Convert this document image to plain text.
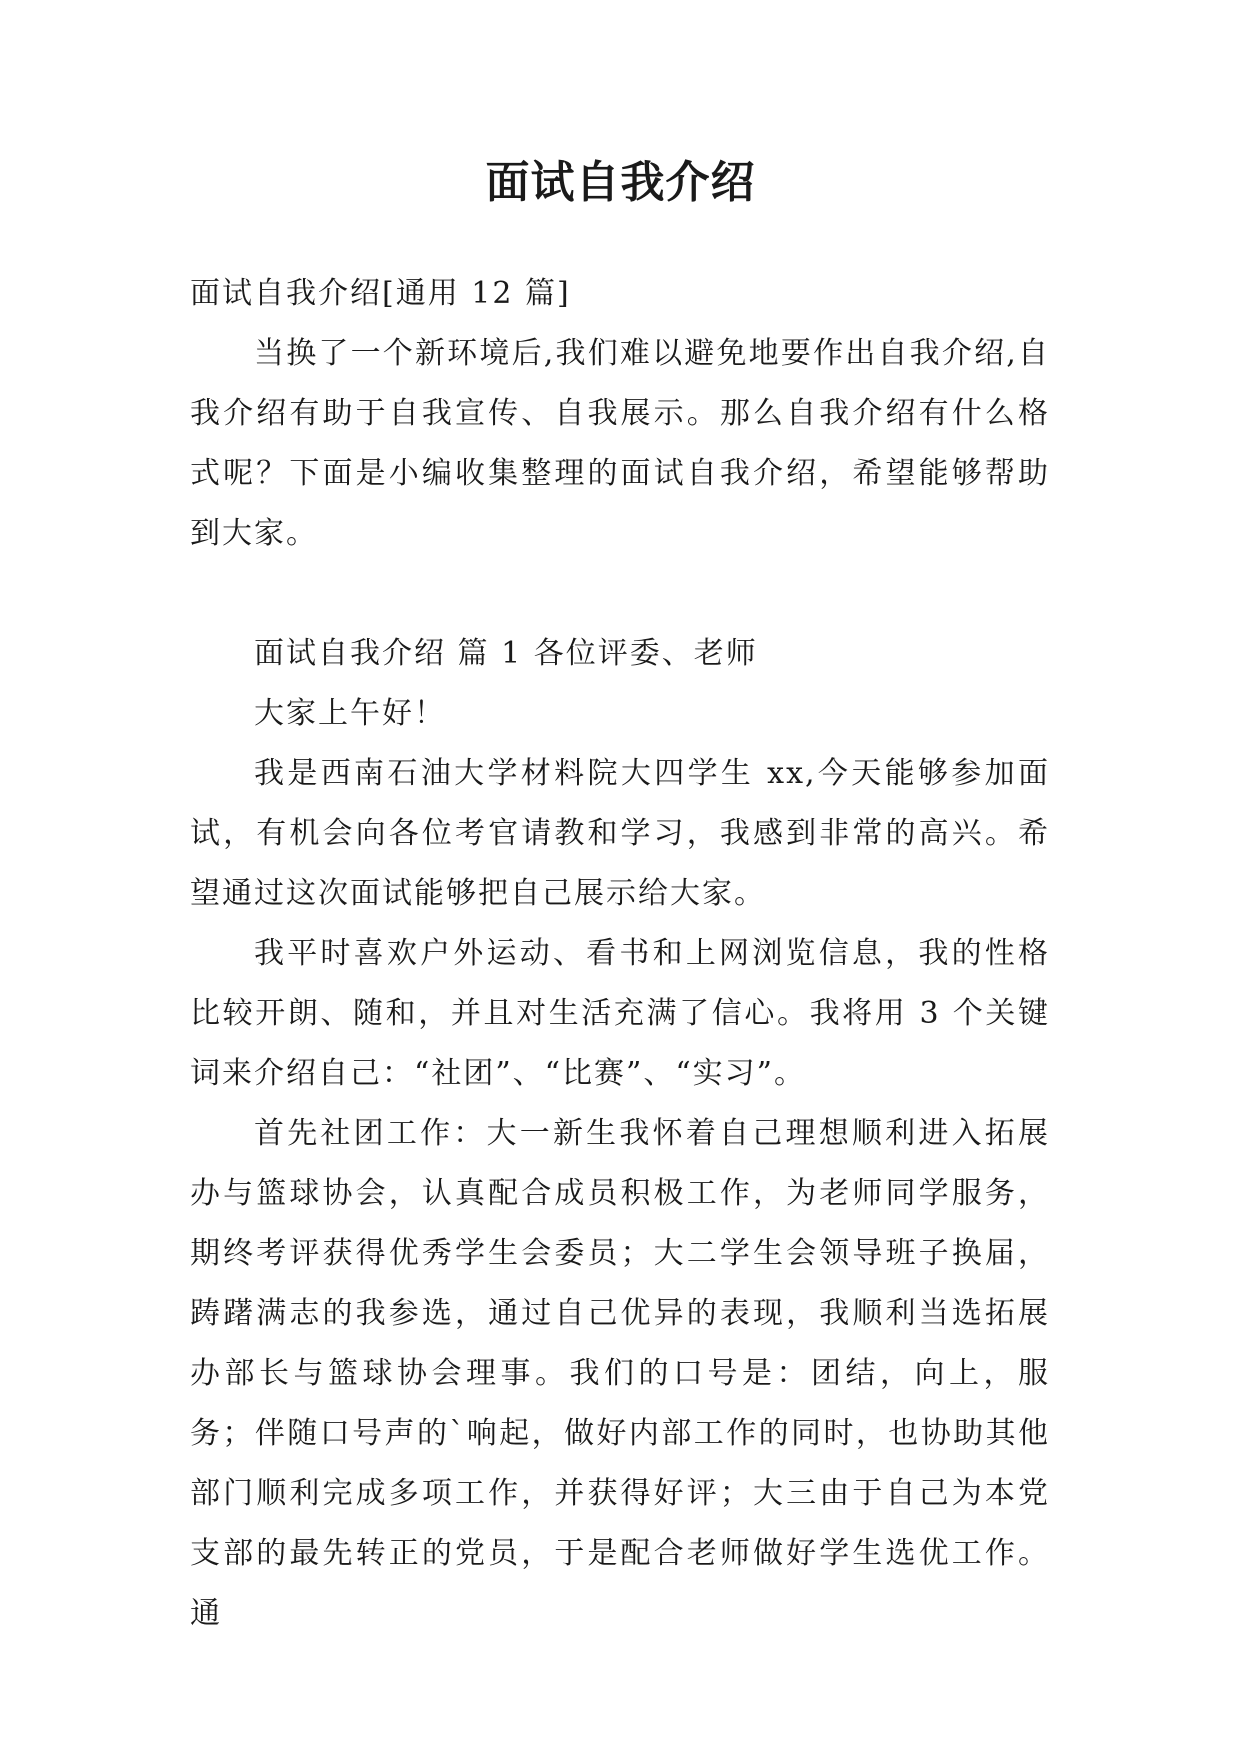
面试自我介绍

面试自我介绍[通用 12 篇]

当换了一个新环境后,我们难以避免地要作出自我介绍,自我介绍有助于自我宣传、自我展示。那么自我介绍有什么格式呢？下面是小编收集整理的面试自我介绍，希望能够帮助到大家。

面试自我介绍 篇 1 各位评委、老师

大家上午好！

我是西南石油大学材料院大四学生 xx,今天能够参加面试，有机会向各位考官请教和学习，我感到非常的高兴。希望通过这次面试能够把自己展示给大家。

我平时喜欢户外运动、看书和上网浏览信息，我的性格比较开朗、随和，并且对生活充满了信心。我将用 3 个关键词来介绍自己：“社团”、“比赛”、“实习”。

首先社团工作：大一新生我怀着自己理想顺利进入拓展办与篮球协会，认真配合成员积极工作，为老师同学服务，期终考评获得优秀学生会委员；大二学生会领导班子换届，踌躇满志的我参选，通过自己优异的表现，我顺利当选拓展办部长与篮球协会理事。我们的口号是：团结，向上，服务；伴随口号声的`响起，做好内部工作的同时，也协助其他部门顺利完成多项工作，并获得好评；大三由于自己为本党支部的最先转正的党员，于是配合老师做好学生选优工作。通
